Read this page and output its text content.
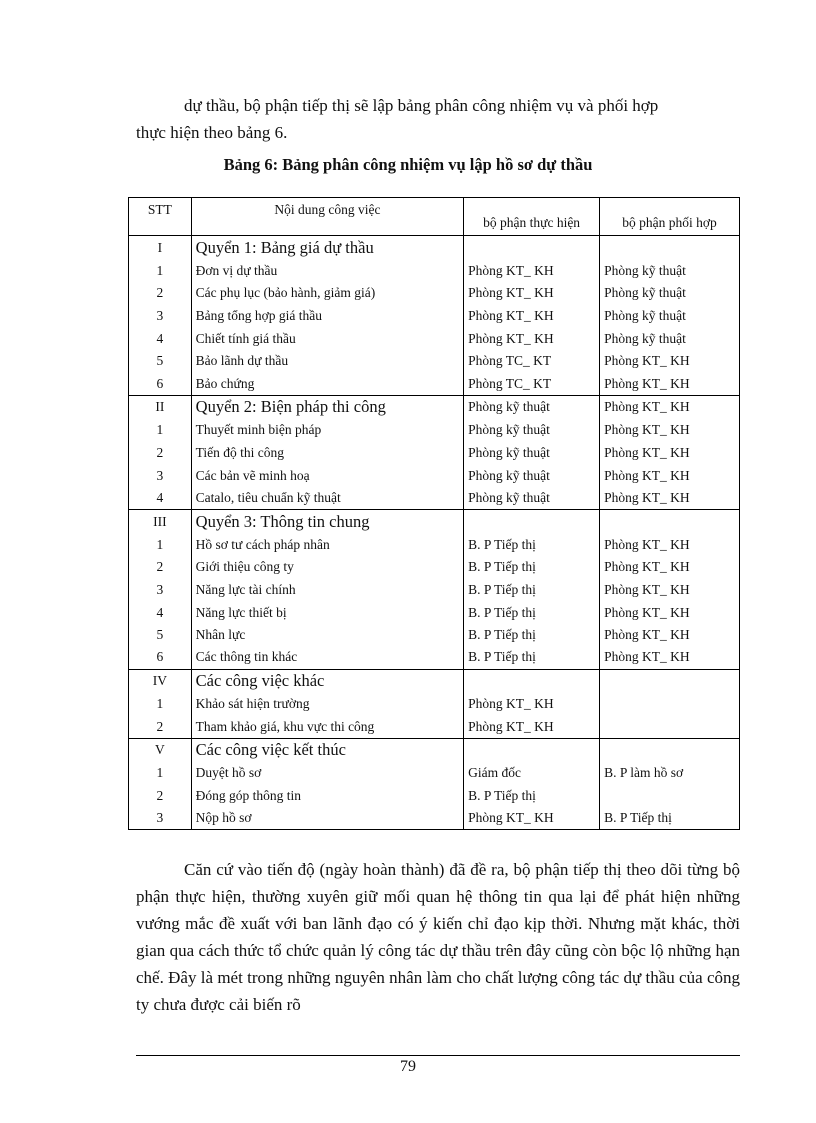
dự thầu, bộ phận tiếp thị sẽ lập bảng phân công nhiệm vụ và phối hợp

thực hiện theo bảng 6.

Bảng 6: Bảng phân công nhiệm vụ lập hồ sơ dự thầu
STT	Nội dung công việc	bộ phận thực hiện	bộ phận phối hợp
I	Quyển 1: Bảng giá dự thầu		
1	Đơn vị dự thầu	Phòng KT_ KH	Phòng kỹ thuật
2	Các phụ lục (bảo hành, giảm giá)	Phòng KT_ KH	Phòng kỹ thuật
3	Bảng tổng hợp giá thầu	Phòng KT_ KH	Phòng kỹ thuật
4	Chiết tính giá thầu	Phòng KT_ KH	Phòng kỹ thuật
5	Bảo lãnh dự thầu	Phòng TC_ KT	Phòng KT_ KH
6	Bảo chứng	Phòng TC_ KT	Phòng KT_ KH
II	Quyển 2: Biện pháp thi công	Phòng kỹ thuật	Phòng KT_ KH
1	Thuyết minh biện pháp	Phòng kỹ thuật	Phòng KT_ KH
2	Tiến độ thi công	Phòng kỹ thuật	Phòng KT_ KH
3	Các bản vẽ minh hoạ	Phòng kỹ thuật	Phòng KT_ KH
4	Catalo, tiêu chuẩn kỹ thuật	Phòng kỹ thuật	Phòng KT_ KH
III	Quyển 3: Thông tin chung		
1	Hồ sơ tư cách pháp nhân	B. P Tiếp thị	Phòng KT_ KH
2	Giới thiệu công ty	B. P Tiếp thị	Phòng KT_ KH
3	Năng lực tài chính	B. P Tiếp thị	Phòng KT_ KH
4	Năng lực thiết bị	B. P Tiếp thị	Phòng KT_ KH
5	Nhân lực	B. P Tiếp thị	Phòng KT_ KH
6	Các thông tin khác	B. P Tiếp thị	Phòng KT_ KH
IV	Các công việc khác		
1	Khảo sát hiện trường	Phòng KT_ KH	
2	Tham khảo giá, khu vực thi công	Phòng KT_ KH	
V	Các công việc kết thúc		
1	Duyệt hồ sơ	Giám đốc	B. P làm hồ sơ
2	Đóng góp thông tin	B. P Tiếp thị	
3	Nộp hồ sơ	Phòng KT_ KH	B. P Tiếp thị

Căn cứ vào tiến độ (ngày hoàn thành) đã đề ra, bộ phận tiếp thị theo dõi từng bộ phận thực hiện, thường xuyên giữ mối quan hệ thông tin qua lại để phát hiện những vướng mắc đề xuất với ban lãnh đạo có ý kiến chỉ đạo kịp thời. Nhưng mặt khác, thời gian qua cách thức tổ chức quản lý công tác dự thầu trên đây cũng còn bộc lộ những hạn chế. Đây là mét trong những nguyên nhân làm cho chất lượng công tác dự thầu của công ty chưa được cải biến rõ

79
